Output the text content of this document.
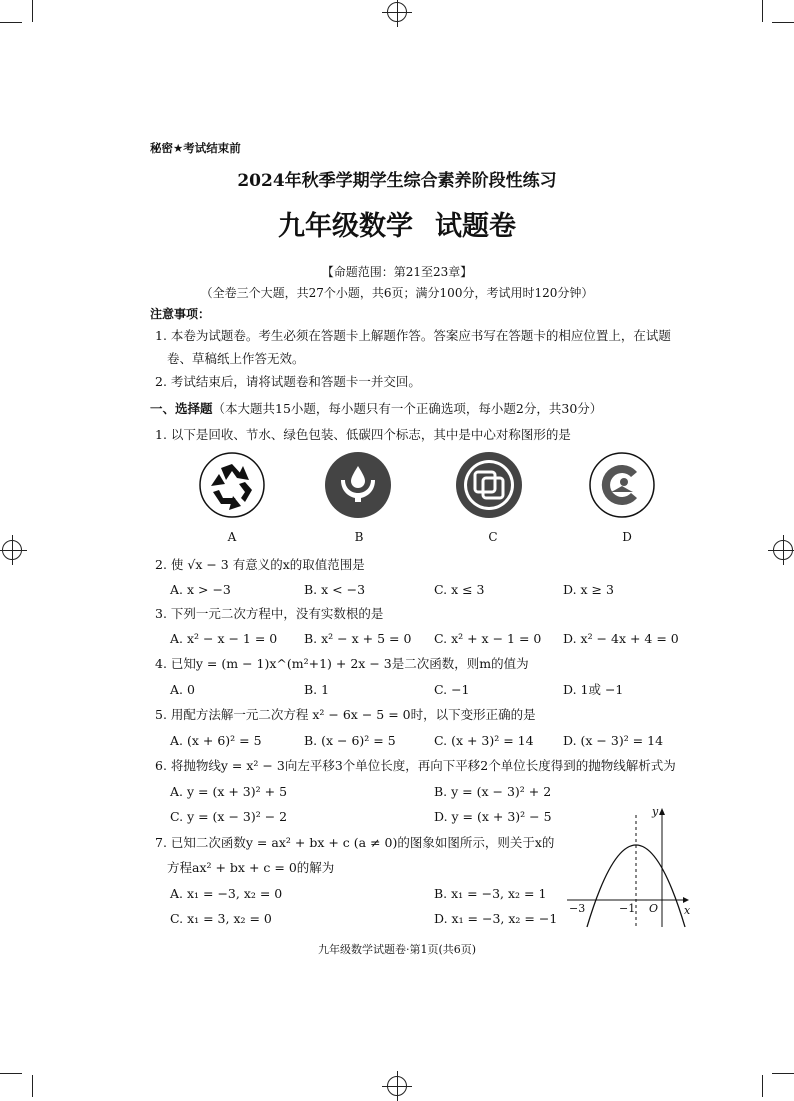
秘密★考试结束前
2024年秋季学期学生综合素养阶段性练习
九年级数学 试题卷
【命题范围：第21至23章】
（全卷三个大题，共27个小题，共6页；满分100分，考试用时120分钟）
注意事项：
1. 本卷为试题卷。考生必须在答题卡上解题作答。答案应书写在答题卡的相应位置上，在试题
卷、草稿纸上作答无效。
2. 考试结束后，请将试题卷和答题卡一并交回。
一、选择题（本大题共15小题，每小题只有一个正确选项，每小题2分，共30分）
1. 以下是回收、节水、绿色包装、低碳四个标志，其中是中心对称图形的是
A	B	C	D
2. 使 √x − 3 有意义的x的取值范围是
A. x > −3	B. x < −3	C. x ≤ 3	D. x ≥ 3
3. 下列一元二次方程中，没有实数根的是
A. x² − x − 1 = 0 B. x² − x + 5 = 0 C. x² + x − 1 = 0 D. x² − 4x + 4 = 0
4. 已知y = (m − 1)x^(m²+1) + 2x − 3是二次函数，则m的值为
A. 0	B. 1	C. −1	D. 1或 −1
5. 用配方法解一元二次方程 x² − 6x − 5 = 0时，以下变形正确的是
A. (x + 6)² = 5	B. (x − 6)² = 5	C. (x + 3)² = 14 D. (x − 3)² = 14
6. 将抛物线y = x² − 3向左平移3个单位长度，再向下平移2个单位长度得到的抛物线解析式为
A. y = (x + 3)² + 5	B. y = (x − 3)² + 2
C. y = (x − 3)² − 2	D. y = (x + 3)² − 5
7. 已知二次函数y = ax² + bx + c (a ≠ 0)的图象如图所示，则关于x的
方程ax² + bx + c = 0的解为
A. x₁ = −3, x₂ = 0	B. x₁ = −3, x₂ = 1
C. x₁ = 3, x₂ = 0	D. x₁ = −3, x₂ = −1
y
x
O
−3	−1
九年级数学试题卷·第1页(共6页)
